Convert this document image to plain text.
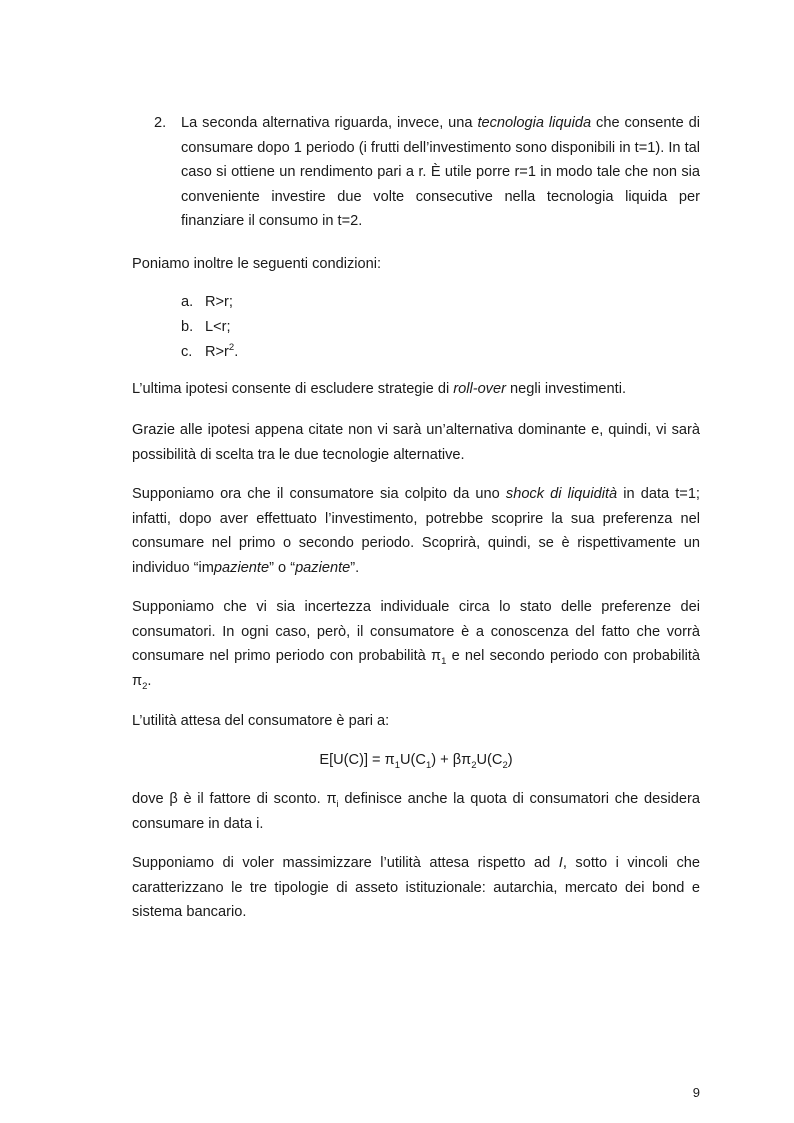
2.	La seconda alternativa riguarda, invece, una tecnologia liquida che consente di consumare dopo 1 periodo (i frutti dell’investimento sono disponibili in t=1). In tal caso si ottiene un rendimento pari a r. È utile porre r=1 in modo tale che non sia conveniente investire due volte consecutive nella tecnologia liquida per finanziare il consumo in t=2.

Poniamo inoltre le seguenti condizioni:

a. R>r;

b. L<r;

c. $R>r^2$.

L’ultima ipotesi consente di escludere strategie di roll-over negli investimenti.

Grazie alle ipotesi appena citate non vi sarà un’alternativa dominante e, quindi, vi sarà possibilità di scelta tra le due tecnologie alternative.

Supponiamo ora che il consumatore sia colpito da uno shock di liquidità in data t=1; infatti, dopo aver effettuato l’investimento, potrebbe scoprire la sua preferenza nel consumare nel primo o secondo periodo. Scoprirà, quindi, se è rispettivamente un individuo “impaziente” o “paziente”.

Supponiamo che vi sia incertezza individuale circa lo stato delle preferenze dei consumatori. In ogni caso, però, il consumatore è a conoscenza del fatto che vorrà consumare nel primo periodo con probabilità $\pi_1$ e nel secondo periodo con probabilità $\pi_2$.

L’utilità attesa del consumatore è pari a:

$E[U(C)] = \pi_1U(C_1) + \beta\pi_2U(C_2)$

dove β è il fattore di sconto. $\pi_i$ definisce anche la quota di consumatori che desidera consumare in data i.

Supponiamo di voler massimizzare l’utilità attesa rispetto ad I, sotto i vincoli che caratterizzano le tre tipologie di asseto istituzionale: autarchia, mercato dei bond e sistema bancario.

9
